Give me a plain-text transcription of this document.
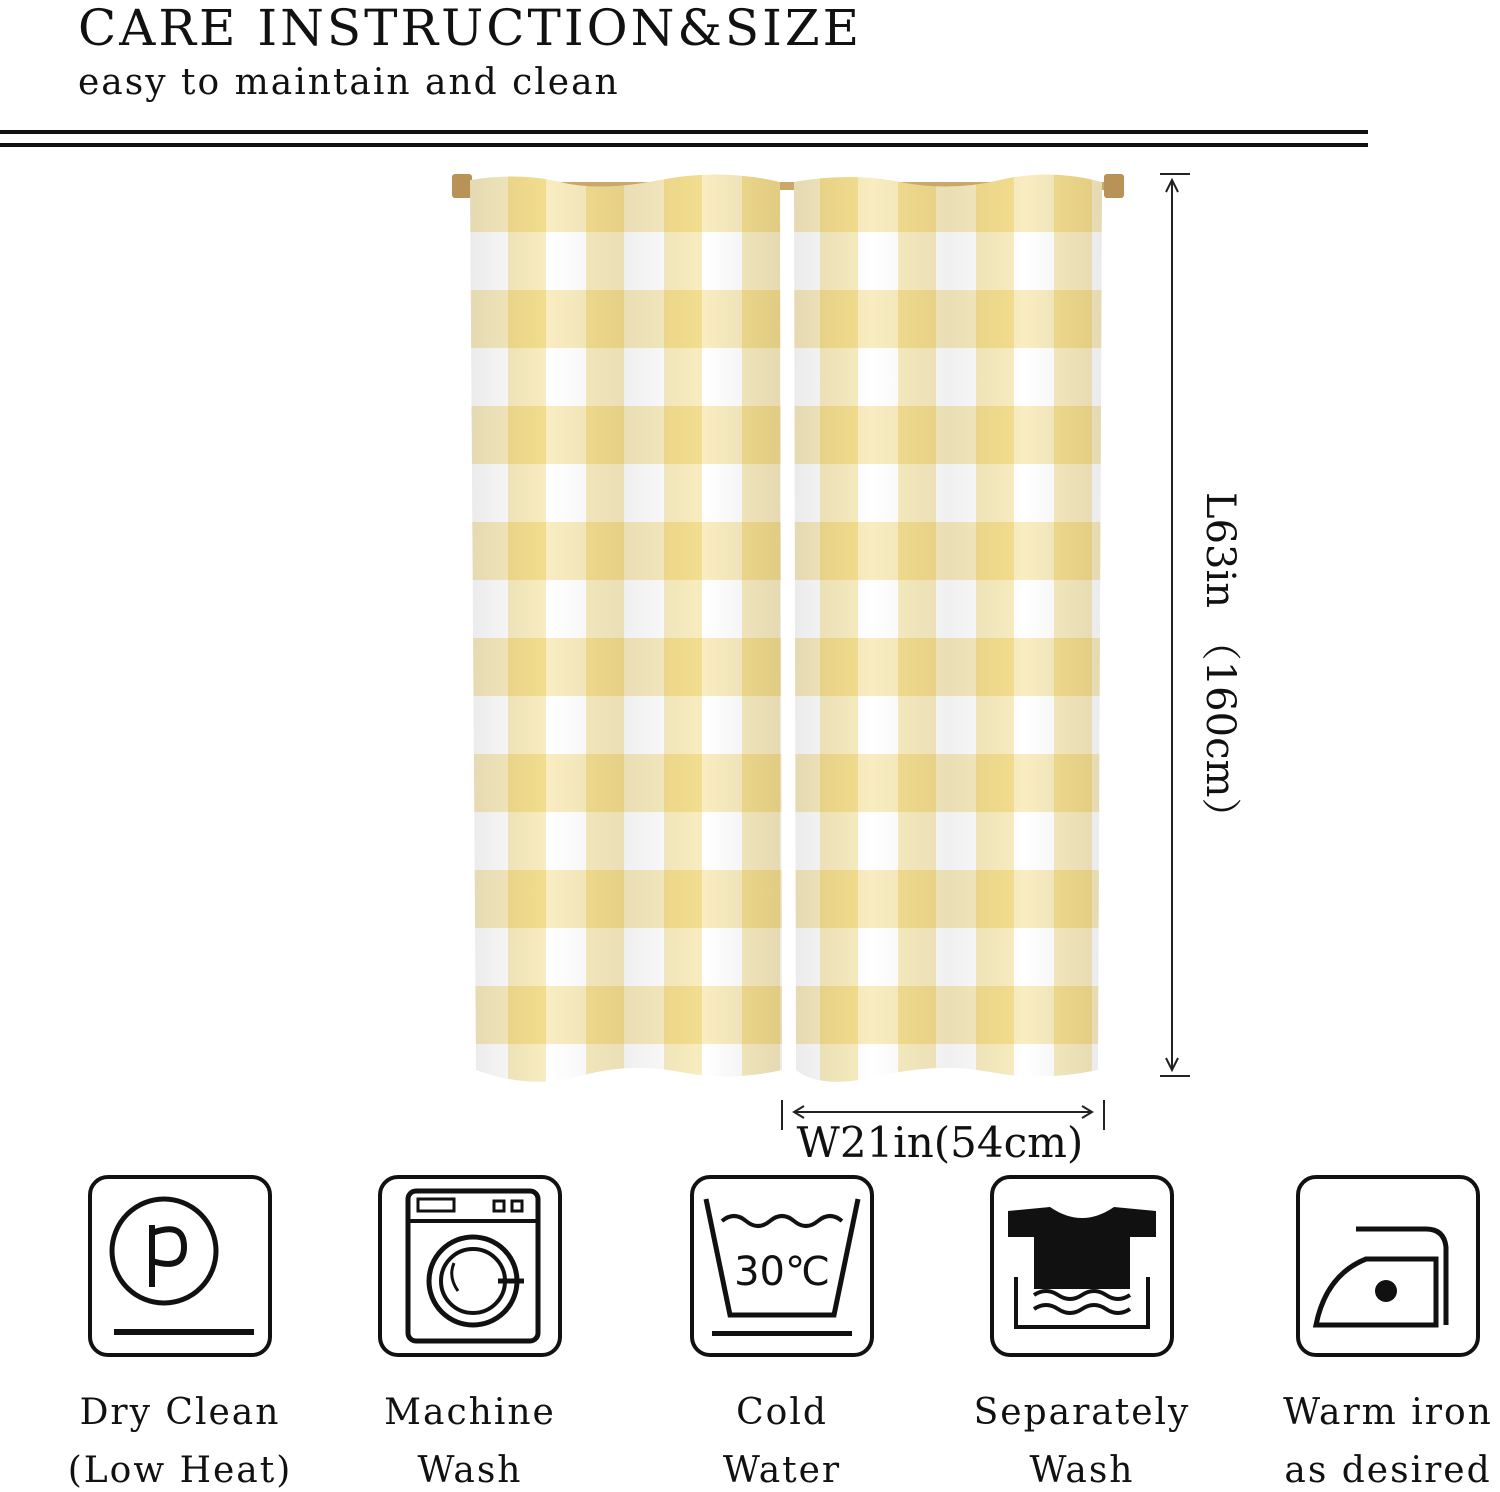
CARE INSTRUCTION&SIZE
easy to maintain and clean
L63in （160cm）
W21in(54cm)
Dry Clean
(Low Heat)
Machine
Wash
30℃
Cold
Water
Separately
Wash
Warm iron
as desired
